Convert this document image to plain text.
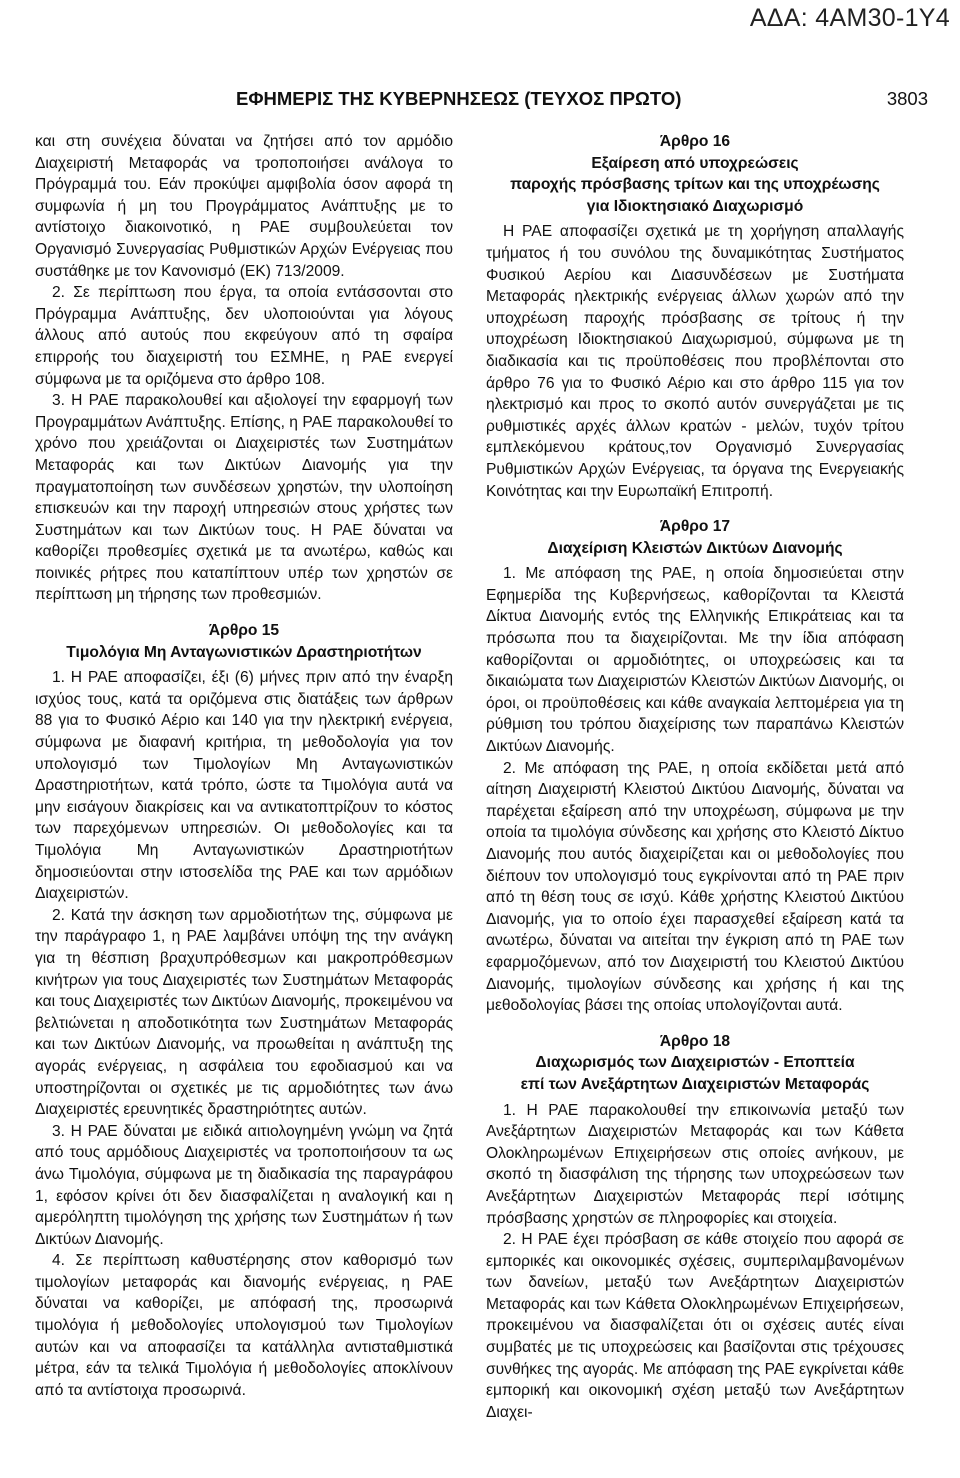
ΑΔΑ: 4ΑΜ30-1Υ4
ΕΦΗΜΕΡΙΣ ΤΗΣ ΚΥΒΕΡΝΗΣΕΩΣ (ΤΕΥΧΟΣ ΠΡΩΤΟ)	3803

και στη συνέχεια δύναται να ζητήσει από τον αρμόδιο Διαχειριστή Μεταφοράς να τροποποιήσει ανάλογα το Πρόγραμμά του. Εάν προκύψει αμφιβολία όσον αφορά τη συμφωνία ή μη του Προγράμματος Ανάπτυξης με το αντίστοιχο διακοινοτικό, η ΡΑΕ συμβουλεύεται τον Οργανισμό Συνεργασίας Ρυθμιστικών Αρχών Ενέργειας που συστάθηκε με τον Κανονισμό (ΕΚ) 713/2009.

2. Σε περίπτωση που έργα, τα οποία εντάσσονται στο Πρόγραμμα Ανάπτυξης, δεν υλοποιούνται για λόγους άλλους από αυτούς που εκφεύγουν από τη σφαίρα επιρροής του διαχειριστή του ΕΣΜΗΕ, η ΡΑΕ ενεργεί σύμφωνα με τα οριζόμενα στο άρθρο 108.

3. Η ΡΑΕ παρακολουθεί και αξιολογεί την εφαρμογή των Προγραμμάτων Ανάπτυξης. Επίσης, η ΡΑΕ παρακολουθεί το χρόνο που χρειάζονται οι Διαχειριστές των Συστημάτων Μεταφοράς και των Δικτύων Διανομής για την πραγματοποίηση των συνδέσεων χρηστών, την υλοποίηση επισκευών και την παροχή υπηρεσιών στους χρήστες των Συστημάτων και των Δικτύων τους. Η ΡΑΕ δύναται να καθορίζει προθεσμίες σχετικά με τα ανωτέρω, καθώς και ποινικές ρήτρες που καταπίπτουν υπέρ των χρηστών σε περίπτωση μη τήρησης των προθεσμιών.

Άρθρο 15
Τιμολόγια Μη Ανταγωνιστικών Δραστηριοτήτων

1. Η ΡΑΕ αποφασίζει, έξι (6) μήνες πριν από την έναρξη ισχύος τους, κατά τα οριζόμενα στις διατάξεις των άρθρων 88 για το Φυσικό Αέριο και 140 για την ηλεκτρική ενέργεια, σύμφωνα με διαφανή κριτήρια, τη μεθοδολογία για τον υπολογισμό των Τιμολογίων Μη Ανταγωνιστικών Δραστηριοτήτων, κατά τρόπο, ώστε τα Τιμολόγια αυτά να μην εισάγουν διακρίσεις και να αντικατοπτρίζουν το κόστος των παρεχόμενων υπηρεσιών. Οι μεθοδολογίες και τα Τιμολόγια Μη Ανταγωνιστικών Δραστηριοτήτων δημοσιεύονται στην ιστοσελίδα της ΡΑΕ και των αρμόδιων Διαχειριστών.

2. Κατά την άσκηση των αρμοδιοτήτων της, σύμφωνα με την παράγραφο 1, η ΡΑΕ λαμβάνει υπόψη της την ανάγκη για τη θέσπιση βραχυπρόθεσμων και μακροπρόθεσμων κινήτρων για τους Διαχειριστές των Συστημάτων Μεταφοράς και τους Διαχειριστές των Δικτύων Διανομής, προκειμένου να βελτιώνεται η αποδοτικότητα των Συστημάτων Μεταφοράς και των Δικτύων Διανομής, να προωθείται η ανάπτυξη της αγοράς ενέργειας, η ασφάλεια του εφοδιασμού και να υποστηρίζονται οι σχετικές με τις αρμοδιότητες των άνω Διαχειριστές ερευνητικές δραστηριότητες αυτών.

3. Η ΡΑΕ δύναται με ειδικά αιτιολογημένη γνώμη να ζητά από τους αρμόδιους Διαχειριστές να τροποποιήσουν τα ως άνω Τιμολόγια, σύμφωνα με τη διαδικασία της παραγράφου 1, εφόσον κρίνει ότι δεν διασφαλίζεται η αναλογική και η αμερόληπτη τιμολόγηση της χρήσης των Συστημάτων ή των Δικτύων Διανομής.

4. Σε περίπτωση καθυστέρησης στον καθορισμό των τιμολογίων μεταφοράς και διανομής ενέργειας, η ΡΑΕ δύναται να καθορίζει, με απόφασή της, προσωρινά τιμολόγια ή μεθοδολογίες υπολογισμού των Τιμολογίων αυτών και να αποφασίζει τα κατάλληλα αντισταθμιστικά μέτρα, εάν τα τελικά Τιμολόγια ή μεθοδολογίες αποκλίνουν από τα αντίστοιχα προσωρινά.

Άρθρο 16
Εξαίρεση από υποχρεώσεις
παροχής πρόσβασης τρίτων και της υποχρέωσης
για Ιδιοκτησιακό Διαχωρισμό

Η ΡΑΕ αποφασίζει σχετικά με τη χορήγηση απαλλαγής τμήματος ή του συνόλου της δυναμικότητας Συστήματος Φυσικού Αερίου και Διασυνδέσεων με Συστήματα Μεταφοράς ηλεκτρικής ενέργειας άλλων χωρών από την υποχρέωση παροχής πρόσβασης σε τρίτους ή την υποχρέωση Ιδιοκτησιακού Διαχωρισμού, σύμφωνα με τη διαδικασία και τις προϋποθέσεις που προβλέπονται στο άρθρο 76 για το Φυσικό Αέριο και στο άρθρο 115 για τον ηλεκτρισμό και προς το σκοπό αυτόν συνεργάζεται με τις ρυθμιστικές αρχές άλλων κρατών - μελών, τυχόν τρίτου εμπλεκόμενου κράτους,τον Οργανισμό Συνεργασίας Ρυθμιστικών Αρχών Ενέργειας, τα όργανα της Ενεργειακής Κοινότητας και την Ευρωπαϊκή Επιτροπή.

Άρθρο 17
Διαχείριση Κλειστών Δικτύων Διανομής

1. Με απόφαση της ΡΑΕ, η οποία δημοσιεύεται στην Εφημερίδα της Κυβερνήσεως, καθορίζονται τα Κλειστά Δίκτυα Διανομής εντός της Ελληνικής Επικράτειας και τα πρόσωπα που τα διαχειρίζονται. Με την ίδια απόφαση καθορίζονται οι αρμοδιότητες, οι υποχρεώσεις και τα δικαιώματα των Διαχειριστών Κλειστών Δικτύων Διανομής, οι όροι, οι προϋποθέσεις και κάθε αναγκαία λεπτομέρεια για τη ρύθμιση του τρόπου διαχείρισης των παραπάνω Κλειστών Δικτύων Διανομής.

2. Με απόφαση της ΡΑΕ, η οποία εκδίδεται μετά από αίτηση Διαχειριστή Κλειστού Δικτύου Διανομής, δύναται να παρέχεται εξαίρεση από την υποχρέωση, σύμφωνα με την οποία τα τιμολόγια σύνδεσης και χρήσης στο Κλειστό Δίκτυο Διανομής που αυτός διαχειρίζεται και οι μεθοδολογίες που διέπουν τον υπολογισμό τους εγκρίνονται από τη ΡΑΕ πριν από τη θέση τους σε ισχύ. Κάθε χρήστης Κλειστού Δικτύου Διανομής, για το οποίο έχει παρασχεθεί εξαίρεση κατά τα ανωτέρω, δύναται να αιτείται την έγκριση από τη ΡΑΕ των εφαρμοζόμενων, από τον Διαχειριστή του Κλειστού Δικτύου Διανομής, τιμολογίων σύνδεσης και χρήσης ή και της μεθοδολογίας βάσει της οποίας υπολογίζονται αυτά.

Άρθρο 18
Διαχωρισμός των Διαχειριστών - Εποπτεία
επί των Ανεξάρτητων Διαχειριστών Μεταφοράς

1. Η ΡΑΕ παρακολουθεί την επικοινωνία μεταξύ των Ανεξάρτητων Διαχειριστών Μεταφοράς και των Κάθετα Ολοκληρωμένων Επιχειρήσεων στις οποίες ανήκουν, με σκοπό τη διασφάλιση της τήρησης των υποχρεώσεων των Ανεξάρτητων Διαχειριστών Μεταφοράς περί ισότιμης πρόσβασης χρηστών σε πληροφορίες και στοιχεία.

2. Η ΡΑΕ έχει πρόσβαση σε κάθε στοιχείο που αφορά σε εμπορικές και οικονομικές σχέσεις, συμπεριλαμβανομένων των δανείων, μεταξύ των Ανεξάρτητων Διαχειριστών Μεταφοράς και των Κάθετα Ολοκληρωμένων Επιχειρήσεων, προκειμένου να διασφαλίζεται ότι οι σχέσεις αυτές είναι συμβατές με τις υποχρεώσεις και βασίζονται στις τρέχουσες συνθήκες της αγοράς. Με απόφαση της ΡΑΕ εγκρίνεται κάθε εμπορική και οικονομική σχέση μεταξύ των Ανεξάρτητων Διαχει-
